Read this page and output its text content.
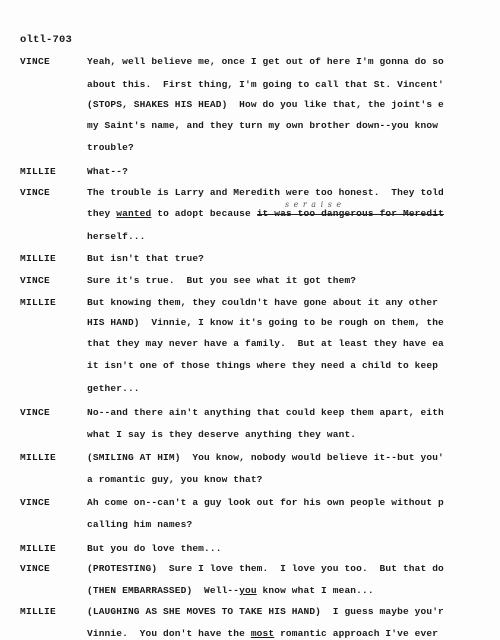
oltl-703
s e r a i s e
VINCE	Yeah, well believe me, once I get out of here I'm gonna do so
about this.  First thing, I'm going to call that St. Vincent'
(STOPS, SHAKES HIS HEAD)  How do you like that, the joint's e
my Saint's name, and they turn my own brother down--you know
trouble?
MILLIE	What--?
VINCE	The trouble is Larry and Meredith were too honest.  They told
they wanted to adopt because it was too dangerous for Meredit
herself...
MILLIE	But isn't that true?
VINCE	Sure it's true.  But you see what it got them?
MILLIE	But knowing them, they couldn't have gone about it any other
HIS HAND)  Vinnie, I know it's going to be rough on them, the
that they may never have a family.  But at least they have ea
it isn't one of those things where they need a child to keep
gether...
VINCE	No--and there ain't anything that could keep them apart, eith
what I say is they deserve anything they want.
MILLIE	(SMILING AT HIM)  You know, nobody would believe it--but you'
a romantic guy, you know that?
VINCE	Ah come on--can't a guy look out for his own people without p
calling him names?
MILLIE	But you do love them...
VINCE	(PROTESTING)  Sure I love them.  I love you too.  But that do
(THEN EMBARRASSED)  Well--you know what I mean...
MILLIE	(LAUGHING AS SHE MOVES TO TAKE HIS HAND)  I guess maybe you'r
Vinnie.  You don't have the most romantic approach I've ever
